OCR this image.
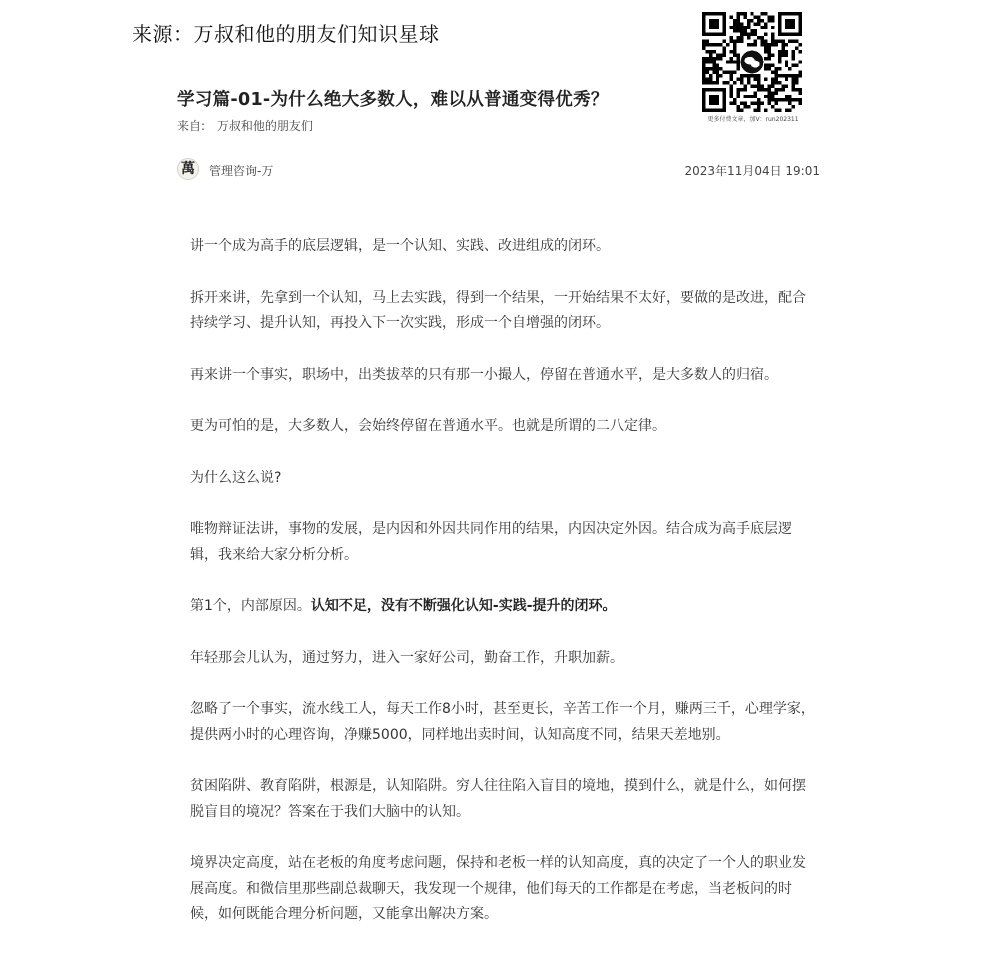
来源：万叔和他的朋友们知识星球
更多付费文章，加V：run202311
学习篇-01-为什么绝大多数人，难以从普通变得优秀？
来自: 万叔和他的朋友们
萬	管理咨询-万	2023年11月04日 19:01

讲一个成为高手的底层逻辑，是一个认知、实践、改进组成的闭环。

拆开来讲，先拿到一个认知，马上去实践，得到一个结果，一开始结果不太好，要做的是改进，配合持续学习、提升认知，再投入下一次实践，形成一个自增强的闭环。

再来讲一个事实，职场中，出类拔萃的只有那一小撮人，停留在普通水平，是大多数人的归宿。

更为可怕的是，大多数人，会始终停留在普通水平。也就是所谓的二八定律。

为什么这么说?

唯物辩证法讲，事物的发展，是内因和外因共同作用的结果，内因决定外因。结合成为高手底层逻辑，我来给大家分析分析。

第1个，内部原因。认知不足，没有不断强化认知-实践-提升的闭环。

年轻那会儿认为，通过努力，进入一家好公司，勤奋工作，升职加薪。

忽略了一个事实，流水线工人，每天工作8小时，甚至更长，辛苦工作一个月，赚两三千，心理学家，提供两小时的心理咨询，净赚5000，同样地出卖时间，认知高度不同，结果天差地别。

贫困陷阱、教育陷阱，根源是，认知陷阱。穷人往往陷入盲目的境地，摸到什么，就是什么，如何摆脱盲目的境况？答案在于我们大脑中的认知。

境界决定高度，站在老板的角度考虑问题，保持和老板一样的认知高度，真的决定了一个人的职业发展高度。和微信里那些副总裁聊天，我发现一个规律，他们每天的工作都是在考虑，当老板问的时候，如何既能合理分析问题，又能拿出解决方案。
